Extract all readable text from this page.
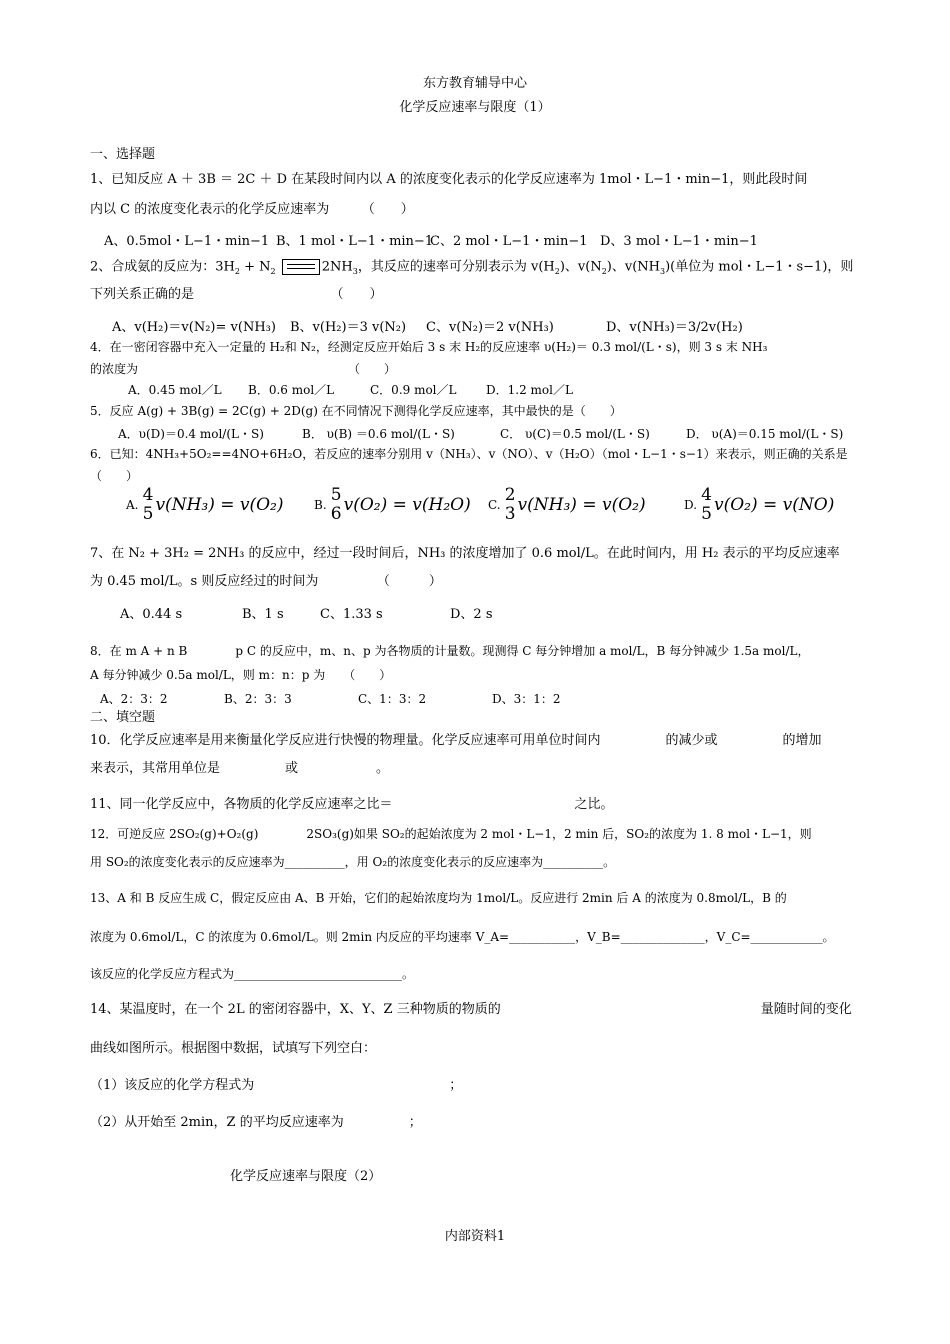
东方教育辅导中心
化学反应速率与限度（1）
一、选择题
1、已知反应 A ＋ 3B ＝ 2C ＋ D 在某段时间内以 A 的浓度变化表示的化学反应速率为 1mol・L−1・min−1，则此段时间
内以 C 的浓度变化表示的化学反应速率为　　　（　　）
A、0.5mol・L−1・min−1 B、1 mol・L−1・min−1
C、2 mol・L−1・min−1 D、3 mol・L−1・min−1
2、合成氨的反应为：$3H_2 + N_2$	$2NH_3$，其反应的速率可分别表示为 $v(H_2)$、$v(N_2)$、$v(NH_3)$(单位为 mol・L−1・s−1)，则
下列关系正确的是　　　　　　　　　　　（　　）
A、v(H₂)＝v(N₂)= v(NH₃) B、v(H₂)＝3 v(N₂) C、v(N₂)＝2 v(NH₃)	D、v(NH₃)＝3/2v(H₂)
4．在一密闭容器中充入一定量的 H₂和 N₂，经测定反应开始后 3 s 末 H₂的反应速率 υ(H₂)＝ 0.3 mol/(L・s)，则 3 s 末 NH₃
的浓度为　　　　　　　　　　　　　　　　　　（　　）
A．0.45 mol／L B．0.6 mol／L	C．0.9 mol／L D．1.2 mol／L
5．反应 A(g) + 3B(g) = 2C(g) + 2D(g) 在不同情况下测得化学反应速率，其中最快的是（　　）
A．υ(D)＝0.4 mol/(L・S)	B． υ(B) ＝0.6 mol/(L・S)	C． υ(C)＝0.5 mol/(L・S)	D． υ(A)＝0.15 mol/(L・S)
6．已知：4NH₃+5O₂==4NO+6H₂O，若反应的速率分别用 v（NH₃）、v（NO）、v（H₂O）（mol・L−1・s−1）来表示，则正确的关系是
（　　）
A. 4
5 v(NH₃) = v(O₂)	B. 5
6 v(O₂) = v(H₂O) C. 2
3 v(NH₃) = v(O₂)	D. 4
5 v(O₂) = v(NO)
7、在 N₂ + 3H₂ = 2NH₃ 的反应中，经过一段时间后，NH₃ 的浓度增加了 0.6 mol/L。在此时间内，用 H₂ 表示的平均反应速率
为 0.45 mol/L。s 则反应经过的时间为　　　　　（　　　）
A、0.44 s	B、1 s	C、1.33 s	D、2 s
8．在 m A + n B　　　　p C 的反应中，m、n、p 为各物质的计量数。现测得 C 每分钟增加 a mol/L，B 每分钟减少 1.5a mol/L，
A 每分钟减少 0.5a mol/L，则 m：n：p 为　　（　　）
A、2：3：2	B、2：3：3	C、1：3：2	D、3：1：2
二、填空题
10．化学反应速率是用来衡量化学反应进行快慢的物理量。化学反应速率可用单位时间内　　　　　的减少或　　　　　的增加
来表示，其常用单位是　　　　　或　　　　　　。
11、同一化学反应中，各物质的化学反应速率之比＝　　　　　　　　　　　　　　之比。
12．可逆反应 2SO₂(g)+O₂(g)　　　　2SO₃(g)如果 SO₂的起始浓度为 2 mol・L−1，2 min 后，SO₂的浓度为 1. 8 mol・L−1，则
用 SO₂的浓度变化表示的反应速率为__________，用 O₂的浓度变化表示的反应速率为__________。
13、A 和 B 反应生成 C，假定反应由 A、B 开始，它们的起始浓度均为 1mol/L。反应进行 2min 后 A 的浓度为 0.8mol/L，B 的
浓度为 0.6mol/L，C 的浓度为 0.6mol/L。则 2min 内反应的平均速率 V_A=___________，V_B=______________，V_C=____________。
该反应的化学反应方程式为____________________________。
14、某温度时，在一个 2L 的密闭容器中，X、Y、Z 三种物质的物质的　　　　　　　　　　　　　　　　　　　　量随时间的变化
曲线如图所示。根据图中数据，试填写下列空白：
（1）该反应的化学方程式为　　　　　　　　　　　　　　　；
（2）从开始至 2min，Z 的平均反应速率为　　　　　；
化学反应速率与限度（2）
内部资料1
